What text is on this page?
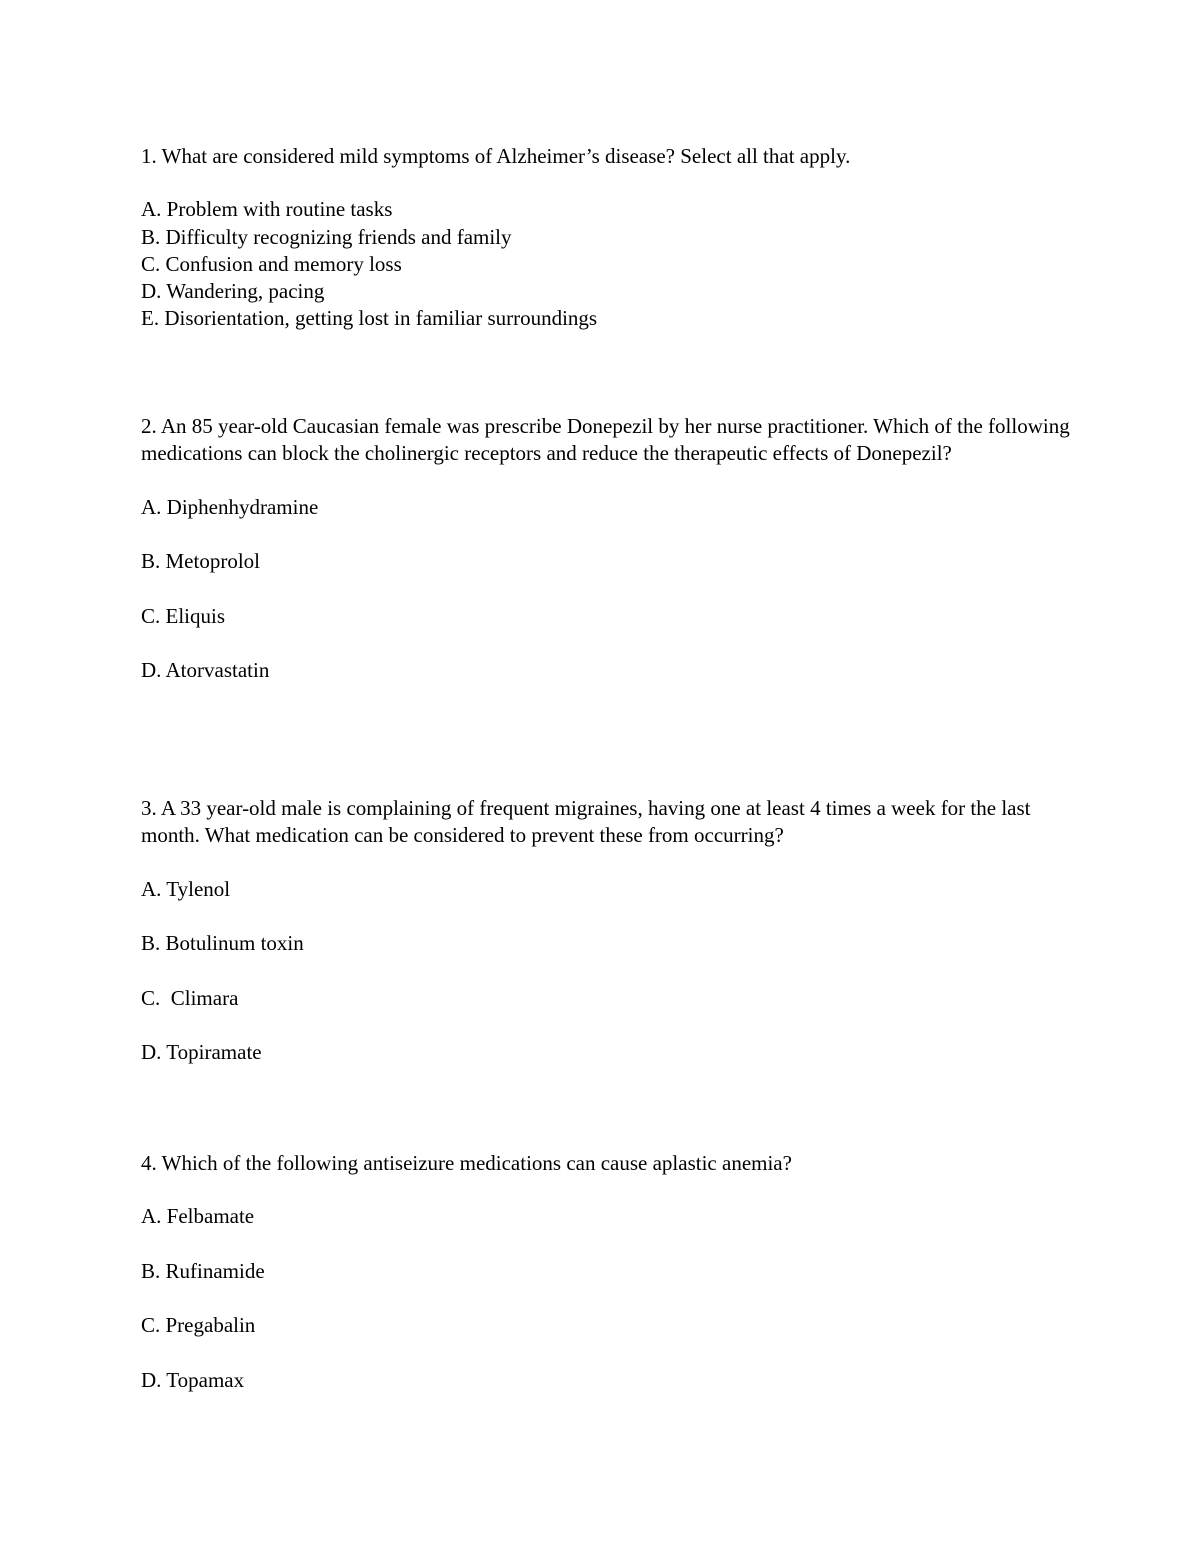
1. What are considered mild symptoms of Alzheimer’s disease? Select all that apply.

A. Problem with routine tasks
B. Difficulty recognizing friends and family
C. Confusion and memory loss
D. Wandering, pacing
E. Disorientation, getting lost in familiar surroundings

2. An 85 year-old Caucasian female was prescribe Donepezil by her nurse practitioner. Which of the following medications can block the cholinergic receptors and reduce the therapeutic effects of Donepezil?

A. Diphenhydramine
B. Metoprolol
C. Eliquis
D. Atorvastatin

3. A 33 year-old male is complaining of frequent migraines, having one at least 4 times a week for the last month. What medication can be considered to prevent these from occurring?

A. Tylenol
B. Botulinum toxin
C.  Climara
D. Topiramate

4. Which of the following antiseizure medications can cause aplastic anemia?

A. Felbamate
B. Rufinamide
C. Pregabalin
D. Topamax
